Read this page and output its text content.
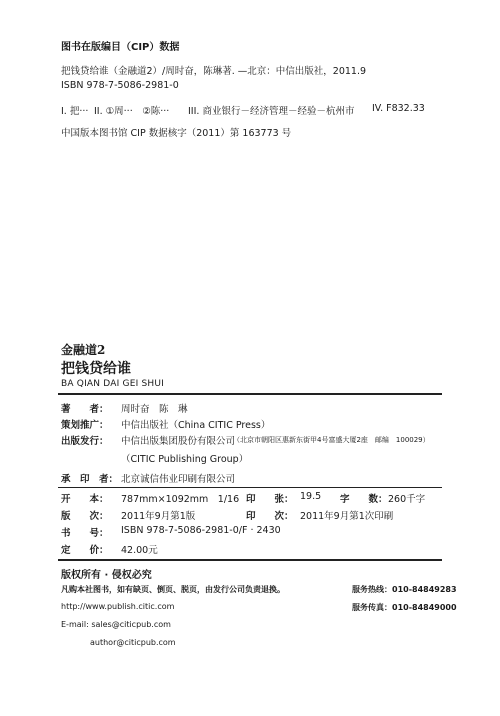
图书在版编目（CIP）数据
把钱贷给谁（金融道2）/周时奋，陈琳著. —北京：中信出版社，2011.9
ISBN 978-7-5086-2981-0
I. 把··· II. ①周···　②陈··· III. 商业银行－经济管理－经验－杭州市 IV. F832.33
中国版本图书馆 CIP 数据核字（2011）第 163773 号
金融道2
把钱贷给谁
BA QIAN DAI GEI SHUI
著　　者： 周时奋　陈　琳
策划推广： 中信出版社（China CITIC Press）
出版发行： 中信出版集团股份有限公司
（北京市朝阳区惠新东街甲4号富盛大厦2座　邮编　100029）
（CITIC Publishing Group）
承　印　者： 北京诚信伟业印刷有限公司
开　　本： 787mm×1092mm　1/16 印　　张： 19.5 字　　数： 260千字
版　　次： 2011年9月第1版	印　　次： 2011年9月第1次印刷
书　　号： ISBN 978-7-5086-2981-0/F · 2430
定　　价： 42.00元
版权所有 · 侵权必究
凡购本社图书，如有缺页、倒页、脱页，由发行公司负责退换。	服务热线：010-84849283
http://www.publish.citic.com	服务传真：010-84849000
E-mail: sales@citicpub.com
author@citicpub.com
